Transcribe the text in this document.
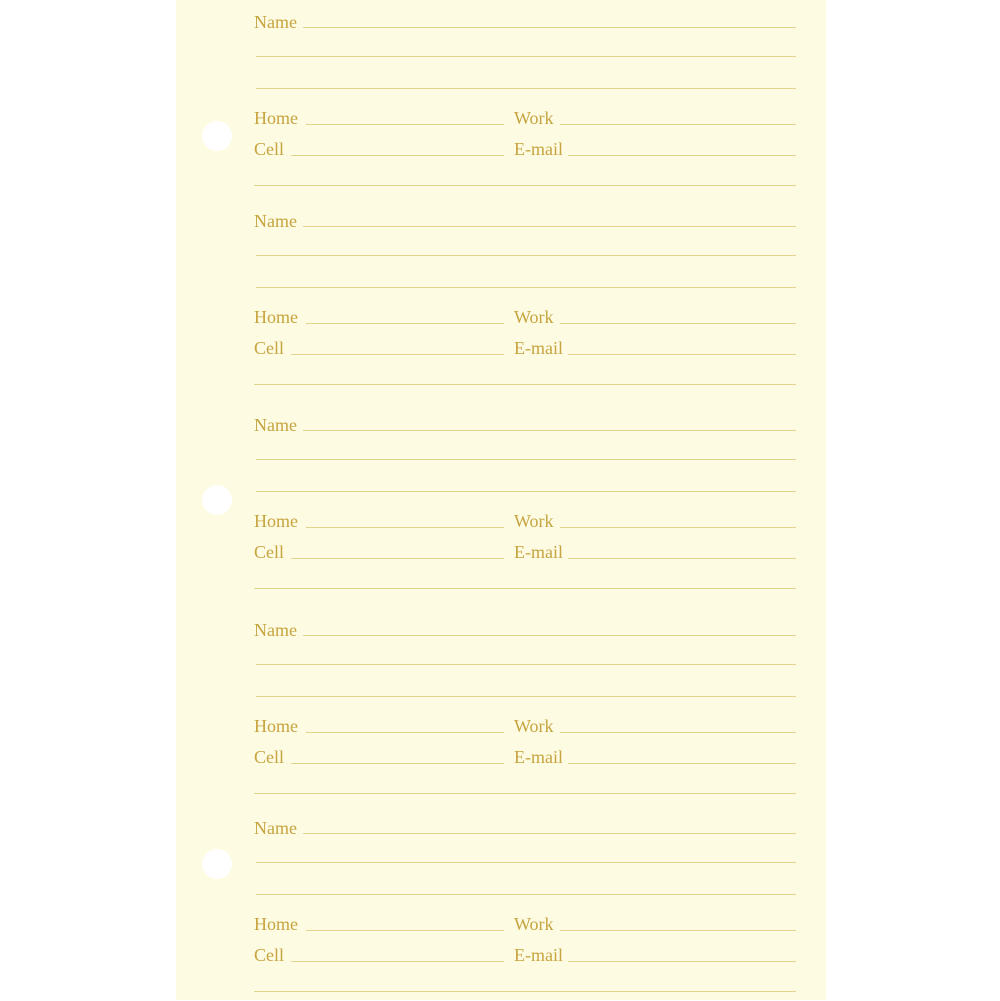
Name
Home	Work
Cell	E-mail
Name
Home	Work
Cell	E-mail
Name
Home	Work
Cell	E-mail
Name
Home	Work
Cell	E-mail
Name
Home	Work
Cell	E-mail
